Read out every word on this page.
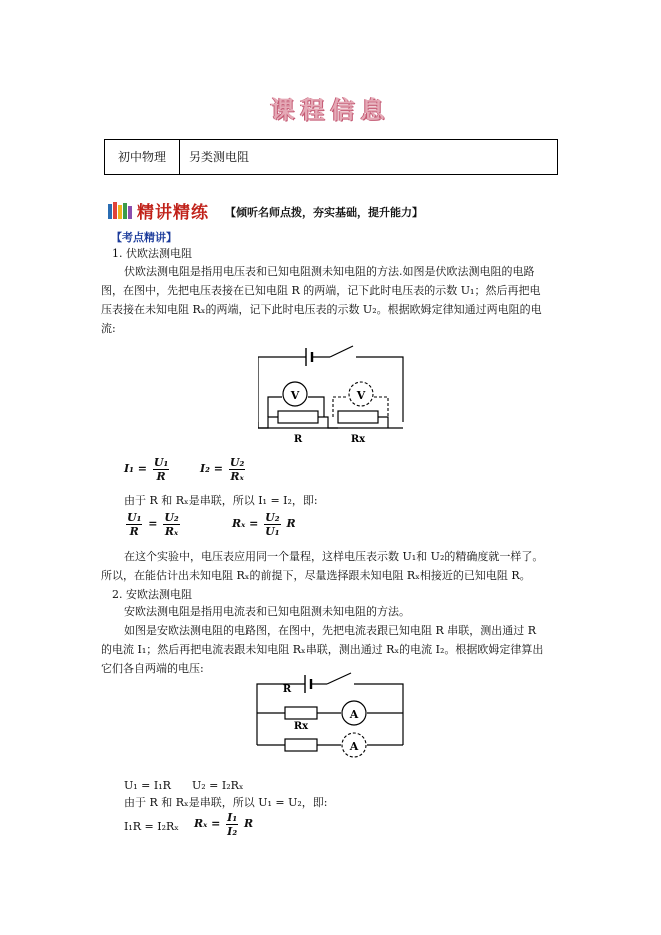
课程信息
初中物理	另类测电阻
精讲精练 【倾听名师点拨，夯实基础，提升能力】
【考点精讲】
1. 伏欧法测电阻
伏欧法测电阻是指用电压表和已知电阻测未知电阻的方法.如图是伏欧法测电阻的电路
图，在图中，先把电压表接在已知电阻 R 的两端，记下此时电压表的示数 U₁；然后再把电
压表接在未知电阻 Rₓ的两端，记下此时电压表的示数 U₂。根据欧姆定律知通过两电阻的电
流:
V	V
R	Rx
$I_1 = \frac{\text{U₁}}{R}$	$I_2 = \frac{\text{U₂}}{\text{Rₓ}}$
由于 R 和 Rₓ是串联，所以 I₁ = I₂，即:
$\frac{\text{U₁}}{R} = \frac{\text{U₂}}{\text{Rₓ}}$	$R_x = \frac{\text{U₂}}{\text{U₁}}$ R
在这个实验中，电压表应用同一个量程，这样电压表示数 U₁和 U₂的精确度就一样了。
所以，在能估计出未知电阻 Rₓ的前提下，尽量选择跟未知电阻 Rₓ相接近的已知电阻 R。
2. 安欧法测电阻
安欧法测电阻是指用电流表和已知电阻测未知电阻的方法。
如图是安欧法测电阻的电路图，在图中，先把电流表跟已知电阻 R 串联，测出通过 R
的电流 I₁；然后再把电流表跟未知电阻 Rₓ串联，测出通过 Rₓ的电流 I₂。根据欧姆定律算出
它们各自两端的电压:
R
Rx
A
A
U₁ = I₁R U₂ = I₂Rₓ
由于 R 和 Rₓ是串联，所以 U₁ = U₂，即:
I₁R = I₂Rₓ $R_x = \frac{\text{I₁}}{\text{I₂}}$ R
